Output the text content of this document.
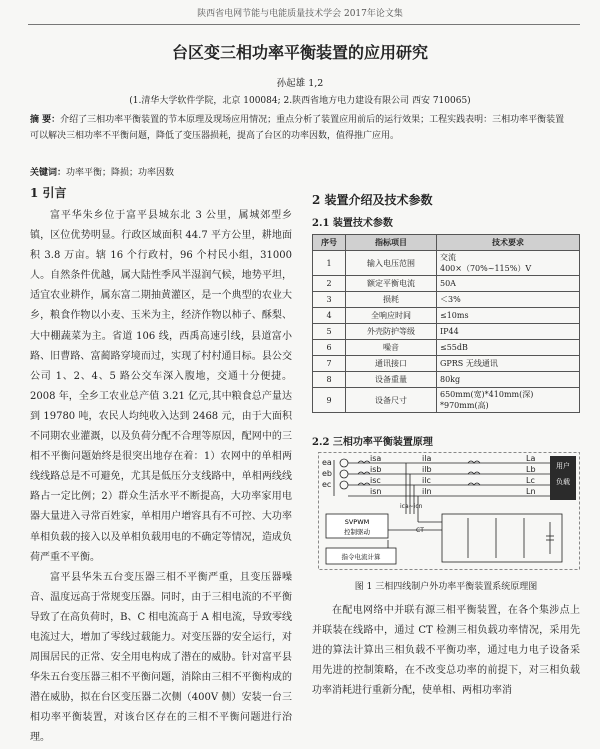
陕西省电网节能与电能质量技术学会 2017年论文集
台区变三相功率平衡装置的应用研究
孙起雄 1,2
(1.清华大学软件学院，北京 100084; 2.陕西省地方电力建设有限公司 西安 710065)
摘 要：介绍了三相功率平衡装置的节本原理及现场应用情况；重点分析了装置应用前后的运行效果；工程实践表明：三相功率平衡装置可以解决三相功率不平衡问题，降低了变压器损耗，提高了台区的功率因数，值得推广应用。
关键词：功率平衡；降损；功率因数
1 引言

富平华朱乡位于富平县城东北 3 公里，属城郊型乡镇，区位优势明显。行政区域面积 44.7 平方公里，耕地面积 3.8 万亩。辖 16 个行政村，96 个村民小组，31000 人。自然条件优越，属大陆性季风半湿润气候，地势平坦，适宜农业耕作，属东富二期抽黄灌区，是一个典型的农业大乡，粮食作物以小麦、玉米为主，经济作物以柿子、酥梨、大中棚蔬菜为主。省道 106 线，西禹高速引线，县道富小路、旧曹路、富蔺路穿境而过，实现了村村通目标。县公交公司 1、2、4、5 路公交车深入腹地，交通十分便捷。2008 年，全乡工农业总产值 3.21 亿元,其中粮食总产量达到 19780 吨，农民人均纯收入达到 2468 元，由于大面积不同期农业灌溉，以及负荷分配不合理等原因，配网中的三相不平衡问题始终是很突出地存在着：1）农网中的单相两线线路总是不可避免，尤其是低压分支线路中，单相两线线路占一定比例；2）群众生活水平不断提高，大功率家用电器大量进入寻常百姓家，单相用户增容具有不可控、大功率单相负载的接入以及单相负载用电的不确定等情况，造成负荷严重不平衡。

富平县华朱五台变压器三相不平衡严重，且变压器噪音、温度远高于常规变压器。同时，由于三相电流的不平衡导致了在高负荷时，B、C 相电流高于 A 相电流，导致零线电流过大，增加了零线过载能力。对变压器的安全运行，对周围居民的正常、安全用电构成了潜在的威胁。针对富平县华朱五台变压器三相不平衡问题，消除由三相不平衡构成的潜在威胁，拟在台区变压器二次侧（400V 侧）安装一台三相功率平衡装置，对该台区存在的三相不平衡问题进行治理。

2 装置介绍及技术参数
2.1 装置技术参数
序号	指标项目	技术要求
1	输入电压范围	交流
400×（70%~115%）V
2	额定平衡电流	50A
3	损耗	＜3%
4	全响应时间	≤10ms
5	外壳防护等级	IP44
6	噪音	≤55dB
7	通讯接口	GPRS 无线通讯
8	设备重量	80kg
9	设备尺寸	650mm(宽)*410mm(深)
*970mm(高)
2.2 三相功率平衡装置原理
ea
eb
ec
isa
isb
isc
isn
ila
ilb
ilc
iln
La
Lb
Lc
Ln
ica~icn
CT
用户负载
SVPWM
控制驱动
指令电流计算
图 1 三相四线制户外功率平衡装置系统原理图
在配电网络中并联有源三相平衡装置，在各个集涉点上并联装在线路中，通过 CT 检测三相负载功率情况，采用先进的算法计算出三相负载不平衡功率，通过电力电子设备采用先进的控制策略，在不改变总功率的前提下，对三相负载功率消耗进行重新分配，使单相、两相功率消
